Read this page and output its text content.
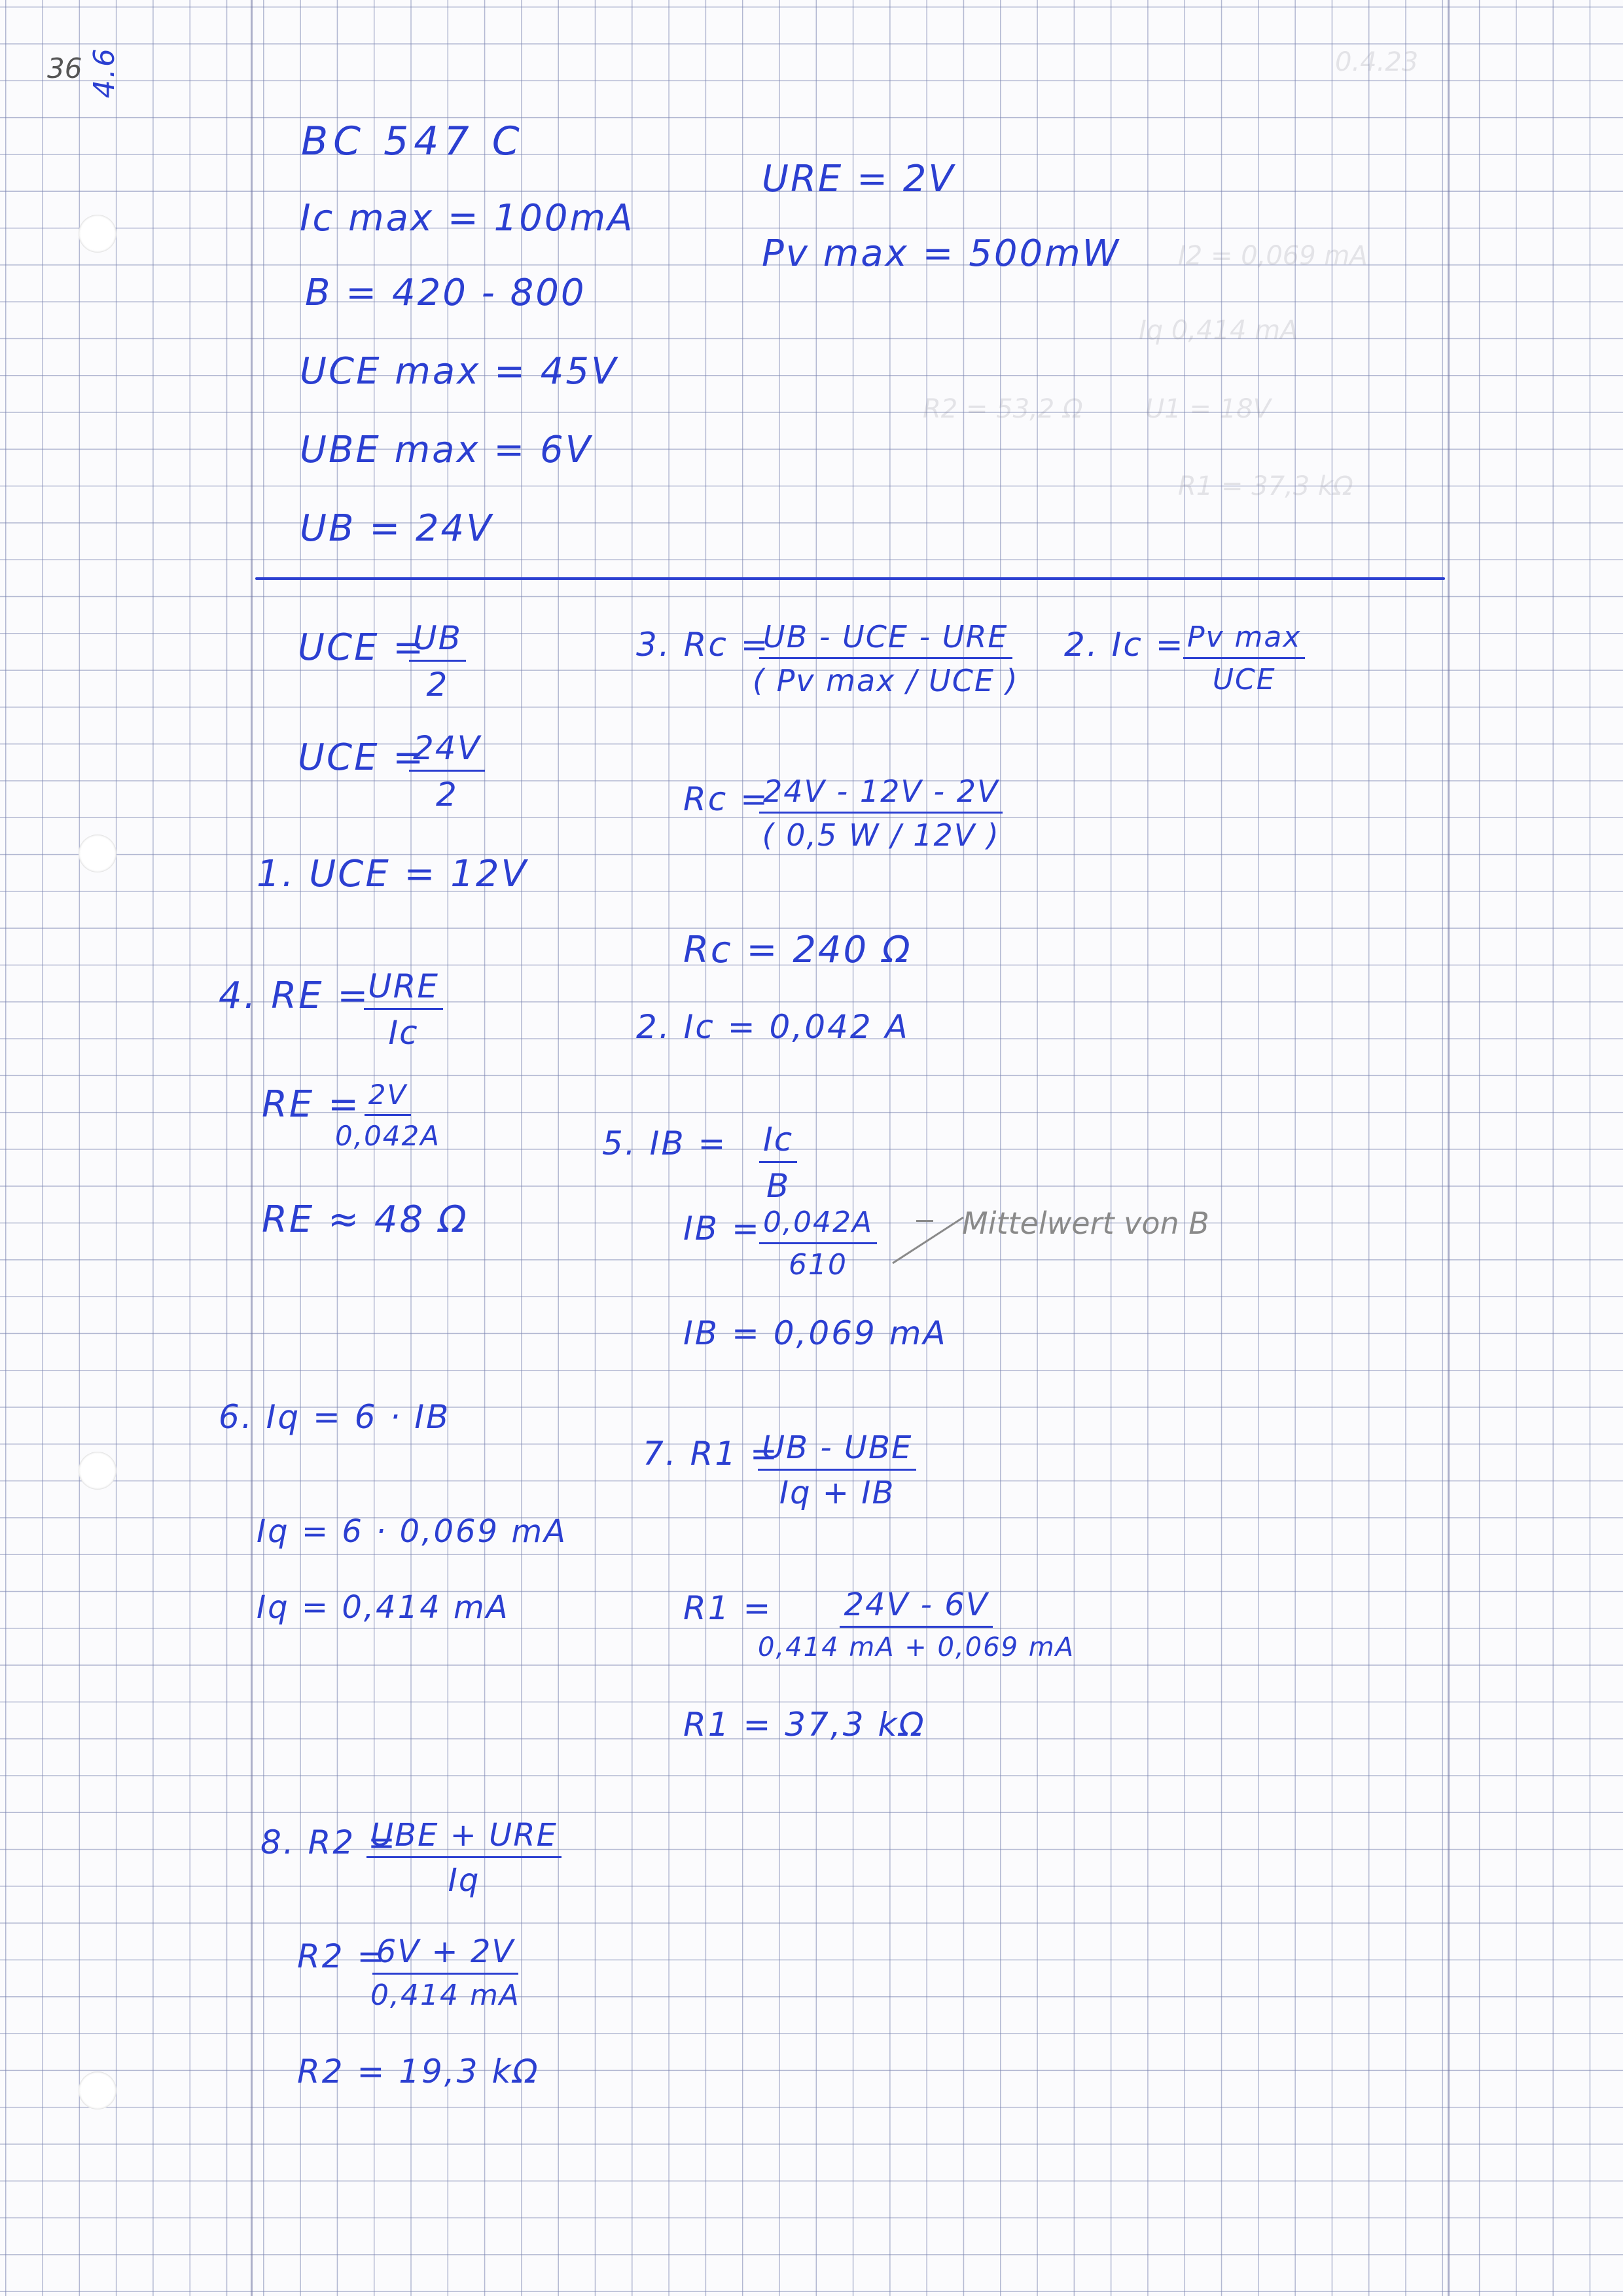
0.4.23
I2 = 0,069 mA
Iq 0,414 mA
R2 = 53,2 Ω U1 = 18V
R1 = 37,3 kΩ
36 4.6
BC 547 C
Ic max = 100mA
B = 420 - 800
UCE max = 45V
UBE max = 6V
UB = 24V
URE = 2V
Pv max = 500mW
UCE =
$\frac{UB}{2}$
UCE =
$\frac{24V}{2}$
1. UCE = 12V
2. Ic = Pv max
UCE
3. Rc =
UB - UCE - URE
( Pv max / UCE )
Rc =
$\frac{24V - 12V - 2V}{( 0,5 W / 12V )}$
Rc = 240 Ω
2. Ic = 0,042 A
4. RE =
URE
Ic
RE =
$\frac{2V}{0,042A}$
RE ≈ 48 Ω
5. IB = $\frac{Ic}{B}$
IB =
$\frac{0,042A}{610}$	Mittelwert von B
IB = 0,069 mA
6. Iq = 6 · IB
Iq = 6 · 0,069 mA
Iq = 0,414 mA
7. R1 =
UB - UBE
Iq + IB
R1 = 24V - 6V
0,414 mA + 0,069 mA
R1 = 37,3 kΩ
8. R2 =
UBE + URE
Iq
R2 =
$\frac{6V + 2V}{0,414 mA}$
R2 = 19,3 kΩ
